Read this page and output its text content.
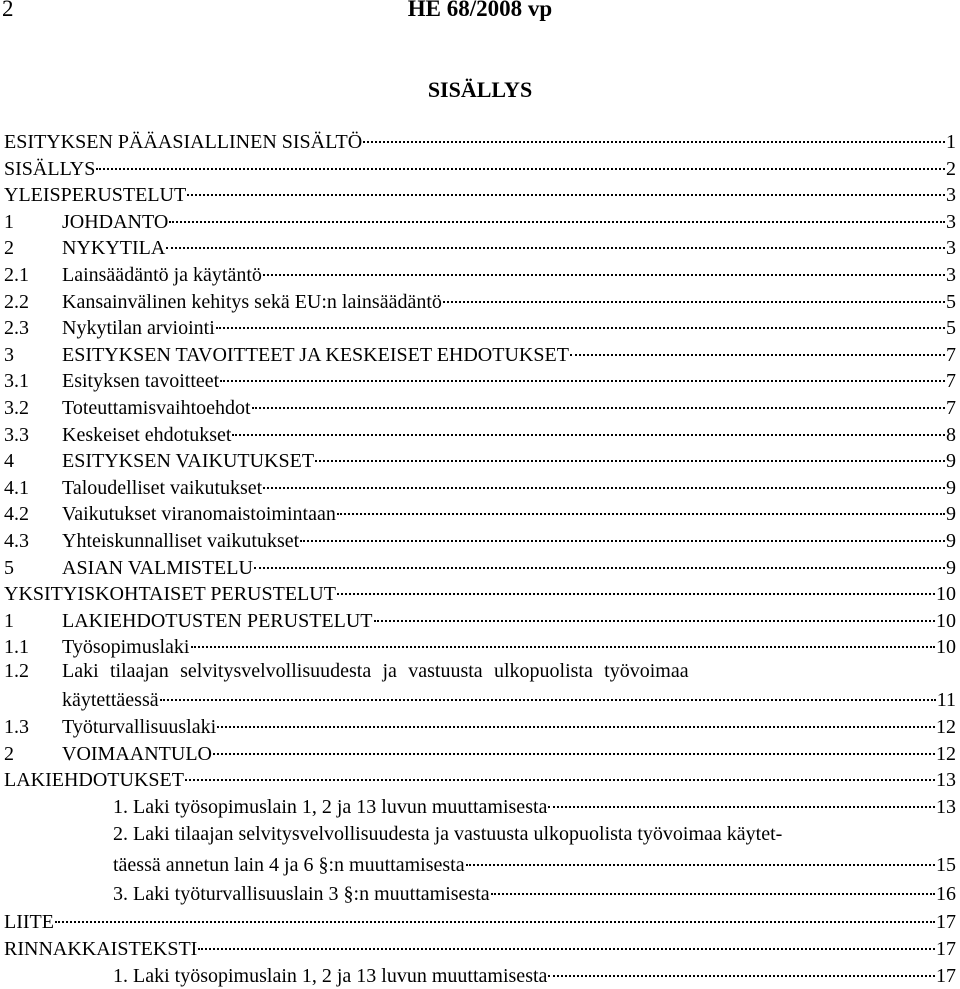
2	HE 68/2008 vp
SISÄLLYS
ESITYKSEN PÄÄASIALLINEN SISÄLTÖ	1
SISÄLLYS	2
YLEISPERUSTELUT	3
1	JOHDANTO	3
2	NYKYTILA	3
2.1	Lainsäädäntö ja käytäntö	3
2.2	Kansainvälinen kehitys sekä EU:n lainsäädäntö	5
2.3	Nykytilan arviointi	5
3	ESITYKSEN TAVOITTEET JA KESKEISET EHDOTUKSET	7
3.1	Esityksen tavoitteet	7
3.2	Toteuttamisvaihtoehdot	7
3.3	Keskeiset ehdotukset	8
4	ESITYKSEN VAIKUTUKSET	9
4.1	Taloudelliset vaikutukset	9
4.2	Vaikutukset viranomaistoimintaan	9
4.3	Yhteiskunnalliset vaikutukset	9
5	ASIAN VALMISTELU	9
YKSITYISKOHTAISET PERUSTELUT	10
1	LAKIEHDOTUSTEN PERUSTELUT	10
1.1	Työsopimuslaki	10
1.2	Laki tilaajan selvitysvelvollisuudesta ja vastuusta ulkopuolista työvoimaa
käytettäessä	11
1.3	Työturvallisuuslaki	12
2	VOIMAANTULO	12
LAKIEHDOTUKSET	13
1. Laki työsopimuslain 1, 2 ja 13 luvun muuttamisesta	13
2. Laki tilaajan selvitysvelvollisuudesta ja vastuusta ulkopuolista työvoimaa käytet-
täessä annetun lain 4 ja 6 §:n muuttamisesta	15
3. Laki työturvallisuuslain 3 §:n muuttamisesta	16
LIITE	17
RINNAKKAISTEKSTI	17
1. Laki työsopimuslain 1, 2 ja 13 luvun muuttamisesta	17
